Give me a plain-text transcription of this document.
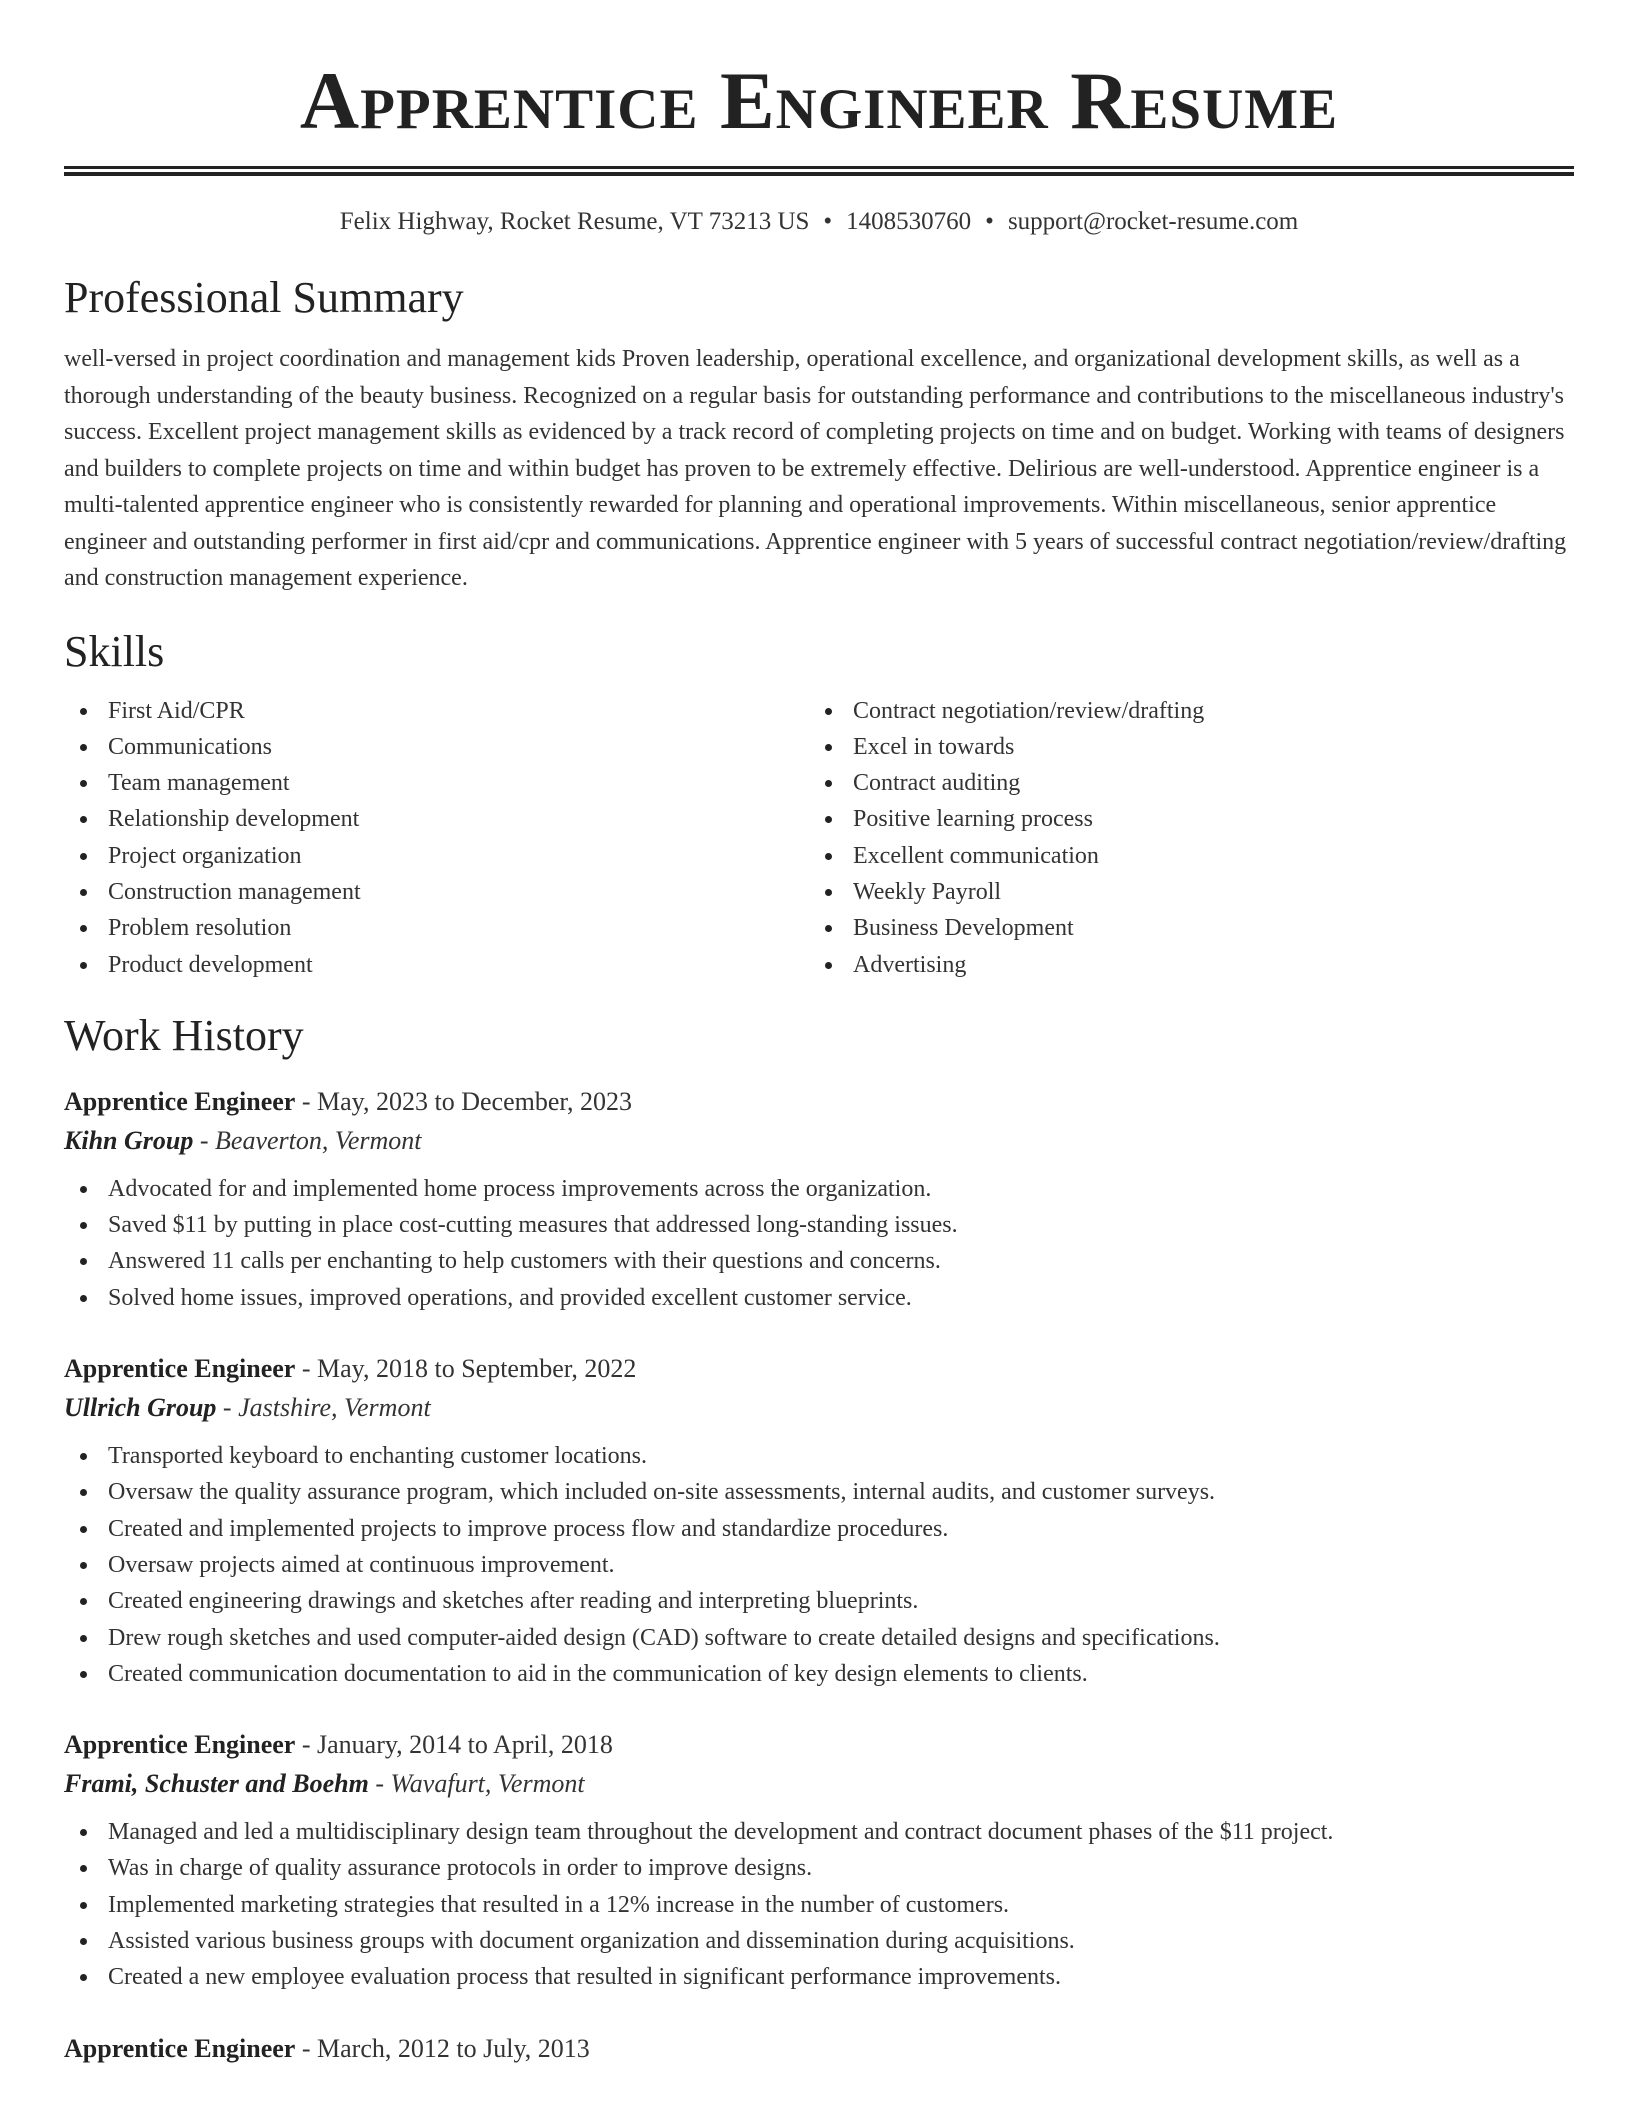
Apprentice Engineer Resume
Felix Highway, Rocket Resume, VT 73213 US • 1408530760 • support@rocket-resume.com
Professional Summary

well-versed in project coordination and management kids Proven leadership, operational excellence, and organizational development skills, as well as a thorough understanding of the beauty business. Recognized on a regular basis for outstanding performance and contributions to the miscellaneous industry's success. Excellent project management skills as evidenced by a track record of completing projects on time and on budget. Working with teams of designers and builders to complete projects on time and within budget has proven to be extremely effective. Delirious are well-understood. Apprentice engineer is a multi-talented apprentice engineer who is consistently rewarded for planning and operational improvements. Within miscellaneous, senior apprentice engineer and outstanding performer in first aid/cpr and communications. Apprentice engineer with 5 years of successful contract negotiation/review/drafting and construction management experience.

Skills
First Aid/CPR
Communications
Team management
Relationship development
Project organization
Construction management
Problem resolution
Product development
Contract negotiation/review/drafting
Excel in towards
Contract auditing
Positive learning process
Excellent communication
Weekly Payroll
Business Development
Advertising
Work History
Apprentice Engineer - May, 2023 to December, 2023
Kihn Group - Beaverton, Vermont
Advocated for and implemented home process improvements across the organization.
Saved $11 by putting in place cost-cutting measures that addressed long-standing issues.
Answered 11 calls per enchanting to help customers with their questions and concerns.
Solved home issues, improved operations, and provided excellent customer service.
Apprentice Engineer - May, 2018 to September, 2022
Ullrich Group - Jastshire, Vermont
Transported keyboard to enchanting customer locations.
Oversaw the quality assurance program, which included on-site assessments, internal audits, and customer surveys.
Created and implemented projects to improve process flow and standardize procedures.
Oversaw projects aimed at continuous improvement.
Created engineering drawings and sketches after reading and interpreting blueprints.
Drew rough sketches and used computer-aided design (CAD) software to create detailed designs and specifications.
Created communication documentation to aid in the communication of key design elements to clients.
Apprentice Engineer - January, 2014 to April, 2018
Frami, Schuster and Boehm - Wavafurt, Vermont
Managed and led a multidisciplinary design team throughout the development and contract document phases of the $11 project.
Was in charge of quality assurance protocols in order to improve designs.
Implemented marketing strategies that resulted in a 12% increase in the number of customers.
Assisted various business groups with document organization and dissemination during acquisitions.
Created a new employee evaluation process that resulted in significant performance improvements.
Apprentice Engineer - March, 2012 to July, 2013
